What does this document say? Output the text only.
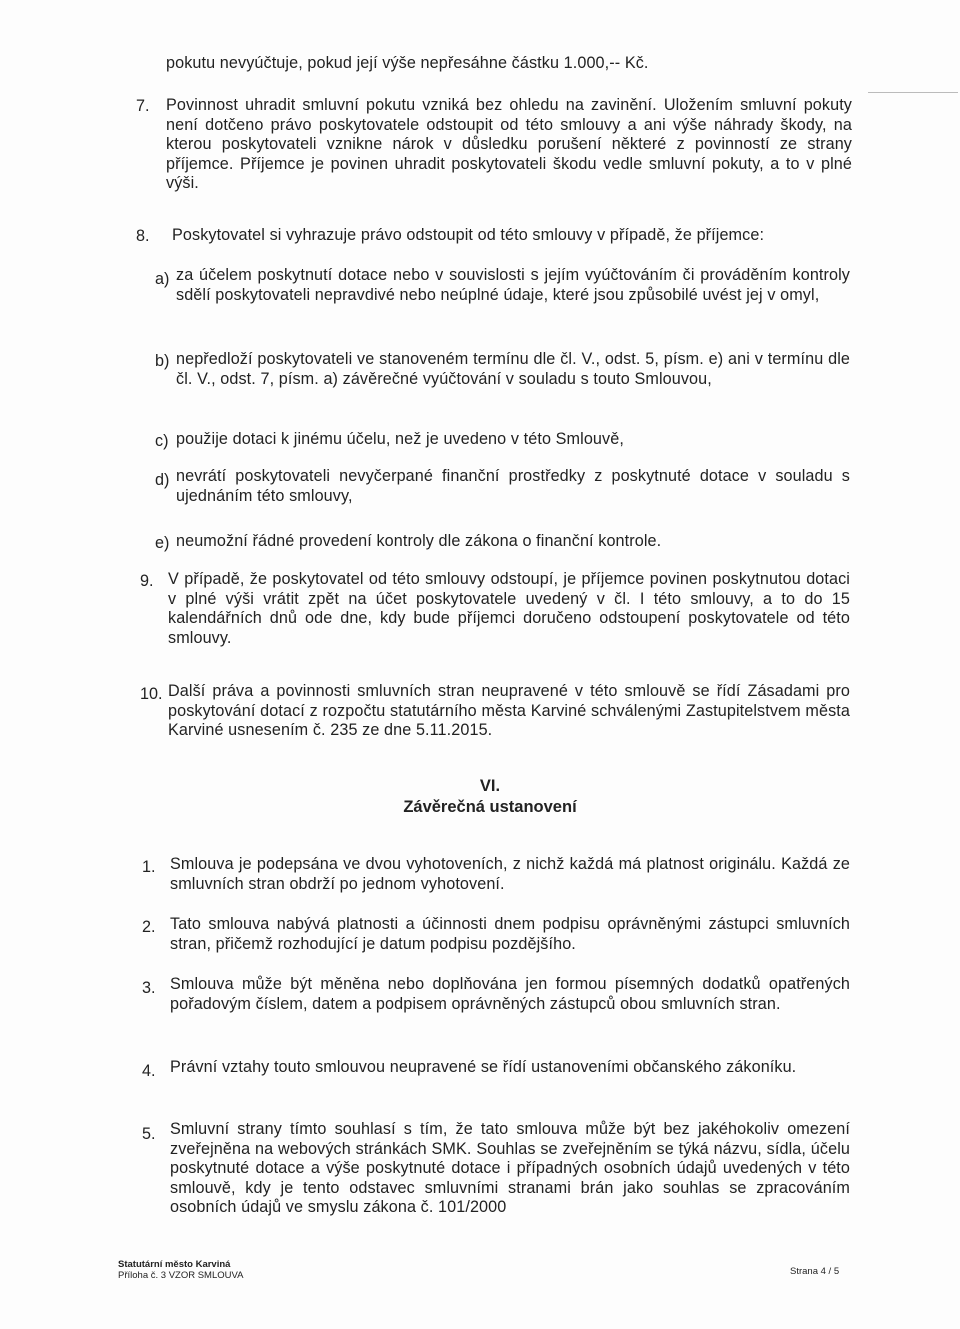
pokutu nevyúčtuje, pokud její výše nepřesáhne částku 1.000,-- Kč.
7. Povinnost uhradit smluvní pokutu vzniká bez ohledu na zavinění. Uložením smluvní pokuty není dotčeno právo poskytovatele odstoupit od této smlouvy a ani výše náhrady škody, na kterou poskytovateli vznikne nárok v důsledku porušení některé z povinností ze strany příjemce. Příjemce je povinen uhradit poskytovateli škodu vedle smluvní pokuty, a to v plné výši.
8. Poskytovatel si vyhrazuje právo odstoupit od této smlouvy v případě, že příjemce:
a) za účelem poskytnutí dotace nebo v souvislosti s jejím vyúčtováním či prováděním kontroly sdělí poskytovateli nepravdivé nebo neúplné údaje, které jsou způsobilé uvést jej v omyl,
b) nepředloží poskytovateli ve stanoveném termínu dle čl. V., odst. 5, písm. e) ani v termínu dle čl. V., odst. 7, písm. a) závěrečné vyúčtování v souladu s touto Smlouvou,
c) použije dotaci k jinému účelu, než je uvedeno v této Smlouvě,
d) nevrátí poskytovateli nevyčerpané finanční prostředky z poskytnuté dotace v souladu s ujednáním této smlouvy,
e) neumožní řádné provedení kontroly dle zákona o finanční kontrole.
9. V případě, že poskytovatel od této smlouvy odstoupí, je příjemce povinen poskytnutou dotaci v plné výši vrátit zpět na účet poskytovatele uvedený v čl. I této smlouvy, a to do 15 kalendářních dnů ode dne, kdy bude příjemci doručeno odstoupení poskytovatele od této smlouvy.
10. Další práva a povinnosti smluvních stran neupravené v této smlouvě se řídí Zásadami pro poskytování dotací z rozpočtu statutárního města Karviné schválenými Zastupitelstvem města Karviné usnesením č. 235 ze dne 5.11.2015.
VI.
Závěrečná ustanovení
1. Smlouva je podepsána ve dvou vyhotoveních, z nichž každá má platnost originálu. Každá ze smluvních stran obdrží po jednom vyhotovení.
2. Tato smlouva nabývá platnosti a účinnosti dnem podpisu oprávněnými zástupci smluvních stran, přičemž rozhodující je datum podpisu pozdějšího.
3. Smlouva může být měněna nebo doplňována jen formou písemných dodatků opatřených pořadovým číslem, datem a podpisem oprávněných zástupců obou smluvních stran.
4. Právní vztahy touto smlouvou neupravené se řídí ustanoveními občanského zákoníku.
5. Smluvní strany tímto souhlasí s tím, že tato smlouva může být bez jakéhokoliv omezení zveřejněna na webových stránkách SMK. Souhlas se zveřejněním se týká názvu, sídla, účelu poskytnuté dotace a výše poskytnuté dotace i případných osobních údajů uvedených v této smlouvě, kdy je tento odstavec smluvními stranami brán jako souhlas se zpracováním osobních údajů ve smyslu zákona č. 101/2000
Statutární město Karviná
Příloha č. 3 VZOR SMLOUVA	Strana 4 / 5
